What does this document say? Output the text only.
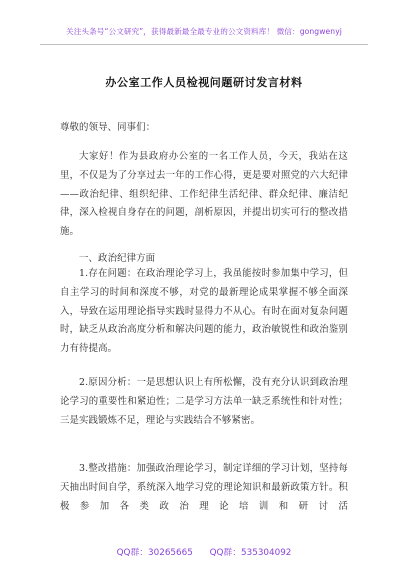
关注头条号“公文研究”，获得最新最全最专业的公文资料库！ 微信：gongwenyj
办公室工作人员检视问题研讨发言材料
尊敬的领导、同事们：
大家好！作为县政府办公室的一名工作人员，今天，我站在这里，不仅是为了分享过去一年的工作心得，更是要对照党的六大纪律——政治纪律、组织纪律、工作纪律生活纪律、群众纪律、廉洁纪律，深入检视自身存在的问题，剖析原因，并提出切实可行的整改措施。
一、政治纪律方面
1.存在问题：在政治理论学习上，我虽能按时参加集中学习，但自主学习的时间和深度不够，对党的最新理论成果掌握不够全面深入，导致在运用理论指导实践时显得力不从心。有时在面对复杂问题时，缺乏从政治高度分析和解决问题的能力，政治敏锐性和政治鉴别力有待提高。
2.原因分析：一是思想认识上有所松懈，没有充分认识到政治理论学习的重要性和紧迫性；二是学习方法单一缺乏系统性和针对性；三是实践锻炼不足，理论与实践结合不够紧密。
3.整改措施：加强政治理论学习，制定详细的学习计划，坚持每天抽出时间自学，系统深入地学习党的理论知识和最新政策方针。积极参加各类政治理论培训和研讨活
QQ群：30265665      QQ群：535304092
